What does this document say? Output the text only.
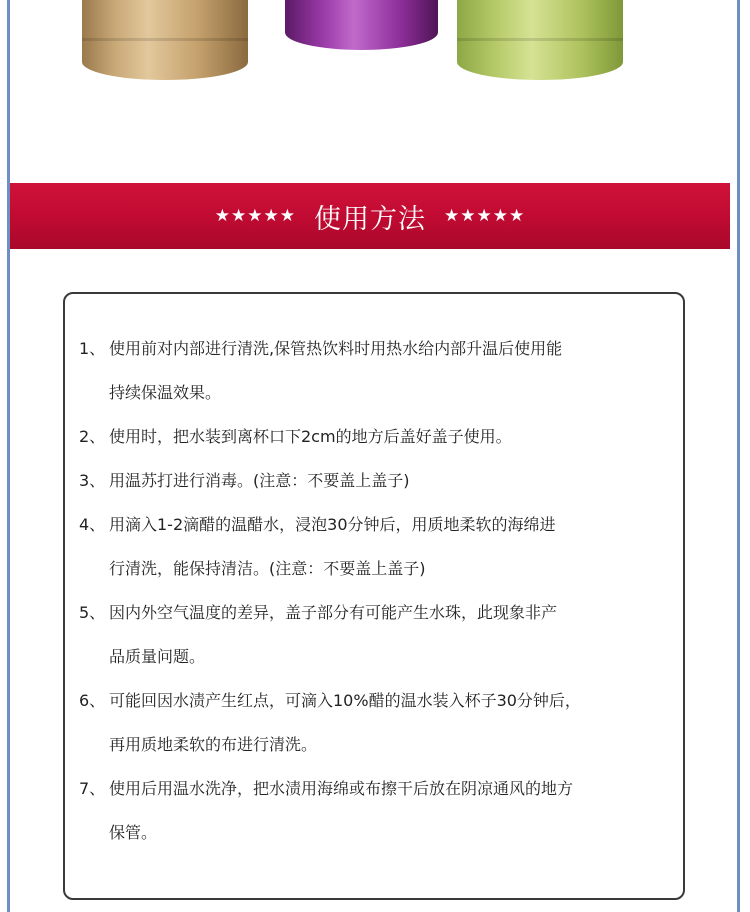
★★★★★ 使用方法 ★★★★★
1、 使用前对内部进行清洗,保管热饮料时用热水给内部升温后使用能
持续保温效果。
2、 使用时，把水装到离杯口下2cm的地方后盖好盖子使用。
3、 用温苏打进行消毒。(注意：不要盖上盖子)
4、 用滴入1-2滴醋的温醋水，浸泡30分钟后，用质地柔软的海绵进
行清洗，能保持清洁。(注意：不要盖上盖子)
5、 因内外空气温度的差异，盖子部分有可能产生水珠，此现象非产
品质量问题。
6、 可能回因水渍产生红点，可滴入10%醋的温水装入杯子30分钟后，
再用质地柔软的布进行清洗。
7、 使用后用温水洗净，把水渍用海绵或布擦干后放在阴凉通风的地方
保管。
